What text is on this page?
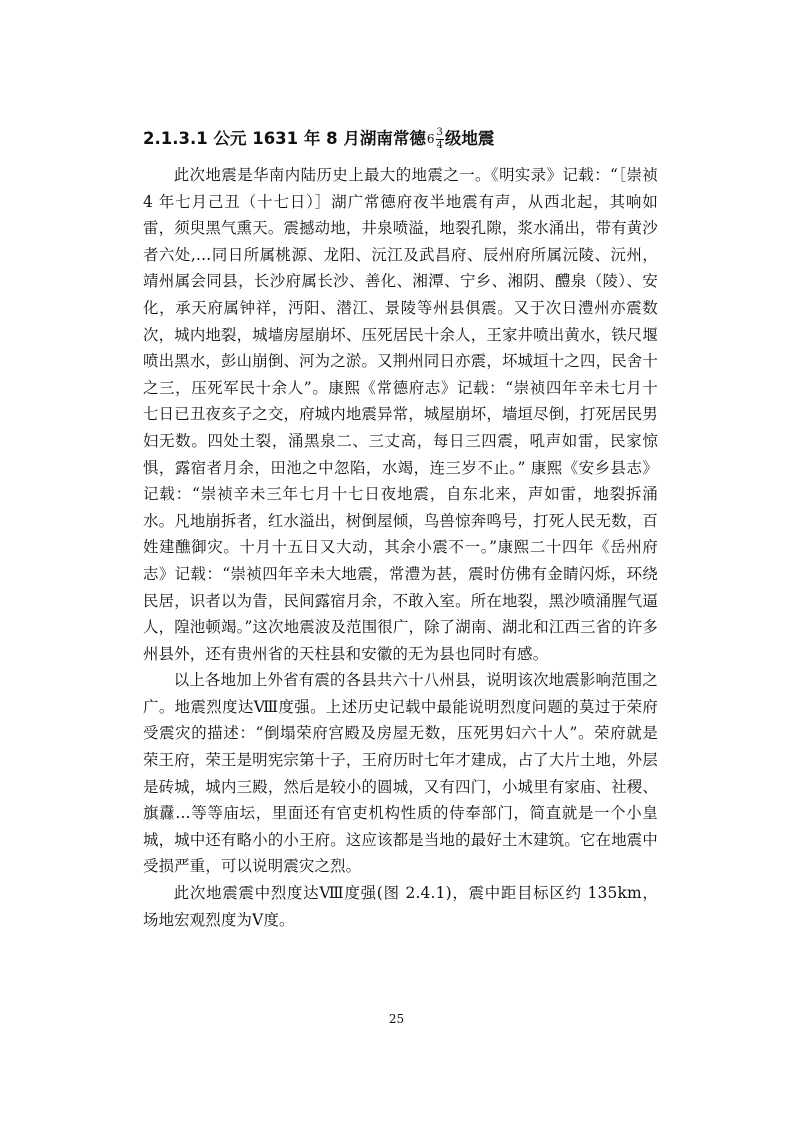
2.1.3.1 公元 1631 年 8 月湖南常德 $6 \frac{3}{4}$ 级地震

此次地震是华南内陆历史上最大的地震之一。《明实录》记载：“［崇祯 4 年七月己丑（十七日）］湖广常德府夜半地震有声，从西北起，其响如雷，须臾黑气熏天。震撼动地，井泉喷溢，地裂孔隙，浆水涌出，带有黄沙者六处,…同日所属桃源、龙阳、沅江及武昌府、辰州府所属沅陵、沅州，靖州属会同县，长沙府属长沙、善化、湘潭、宁乡、湘阴、醴泉（陵）、安化，承天府属钟祥，沔阳、潜江、景陵等州县俱震。又于次日澧州亦震数次，城内地裂，城墙房屋崩坏、压死居民十余人，王家井喷出黄水，铁尺堰喷出黑水，彭山崩倒、河为之淤。又荆州同日亦震，坏城垣十之四，民舍十之三，压死军民十余人”。康熙《常德府志》记载：“崇祯四年辛未七月十七日已丑夜亥子之交，府城内地震异常，城屋崩坏，墙垣尽倒，打死居民男妇无数。四处土裂，涌黑泉二、三丈高，每日三四震，吼声如雷，民家惊惧，露宿者月余，田池之中忽陷，水竭，连三岁不止。” 康熙《安乡县志》记载：“崇祯辛未三年七月十七日夜地震，自东北来，声如雷，地裂拆涌水。凡地崩拆者，红水溢出，树倒屋倾，鸟兽惊奔鸣号，打死人民无数，百姓建醮御灾。十月十五日又大动，其余小震不一。”康熙二十四年《岳州府志》记载：“崇祯四年辛未大地震，常澧为甚，震时仿佛有金睛闪烁，环绕民居，识者以为眚，民间露宿月余，不敢入室。所在地裂，黑沙喷涌腥气逼人，隍池顿竭。”这次地震波及范围很广，除了湖南、湖北和江西三省的许多州县外，还有贵州省的天柱县和安徽的无为县也同时有感。

以上各地加上外省有震的各县共六十八州县，说明该次地震影响范围之广。地震烈度达Ⅷ度强。上述历史记载中最能说明烈度问题的莫过于荣府受震灾的描述：“倒塌荣府宫殿及房屋无数，压死男妇六十人”。荣府就是荣王府，荣王是明宪宗第十子，王府历时七年才建成，占了大片土地，外层是砖城，城内三殿，然后是较小的圆城，又有四门，小城里有家庙、社稷、旗纛…等等庙坛，里面还有官吏机构性质的侍奉部门，简直就是一个小皇城，城中还有略小的小王府。这应该都是当地的最好土木建筑。它在地震中受损严重，可以说明震灾之烈。

此次地震震中烈度达Ⅷ度强(图 2.4.1)，震中距目标区约 135km，场地宏观烈度为Ⅴ度。

25
